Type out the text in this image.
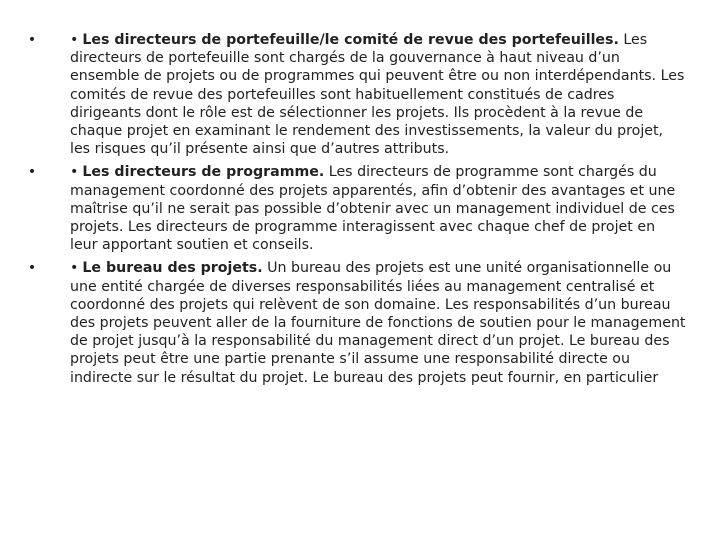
• • Les directeurs de portefeuille/le comité de revue des portefeuilles. Les directeurs de portefeuille sont chargés de la gouvernance à haut niveau d’un ensemble de projets ou de programmes qui peuvent être ou non interdépendants. Les comités de revue des portefeuilles sont habituellement constitués de cadres dirigeants dont le rôle est de sélectionner les projets. Ils procèdent à la revue de chaque projet en examinant le rendement des investissements, la valeur du projet, les risques qu’il présente ainsi que d’autres attributs.
• • Les directeurs de programme. Les directeurs de programme sont chargés du management coordonné des projets apparentés, afin d’obtenir des avantages et une maîtrise qu’il ne serait pas possible d’obtenir avec un management individuel de ces projets. Les directeurs de programme interagissent avec chaque chef de projet en leur apportant soutien et conseils.
• • Le bureau des projets. Un bureau des projets est une unité organisationnelle ou une entité chargée de diverses responsabilités liées au management centralisé et coordonné des projets qui relèvent de son domaine. Les responsabilités d’un bureau des projets peuvent aller de la fourniture de fonctions de soutien pour le management de projet jusqu’à la responsabilité du management direct d’un projet. Le bureau des projets peut être une partie prenante s’il assume une responsabilité directe ou indirecte sur le résultat du projet. Le bureau des projets peut fournir, en particulier
